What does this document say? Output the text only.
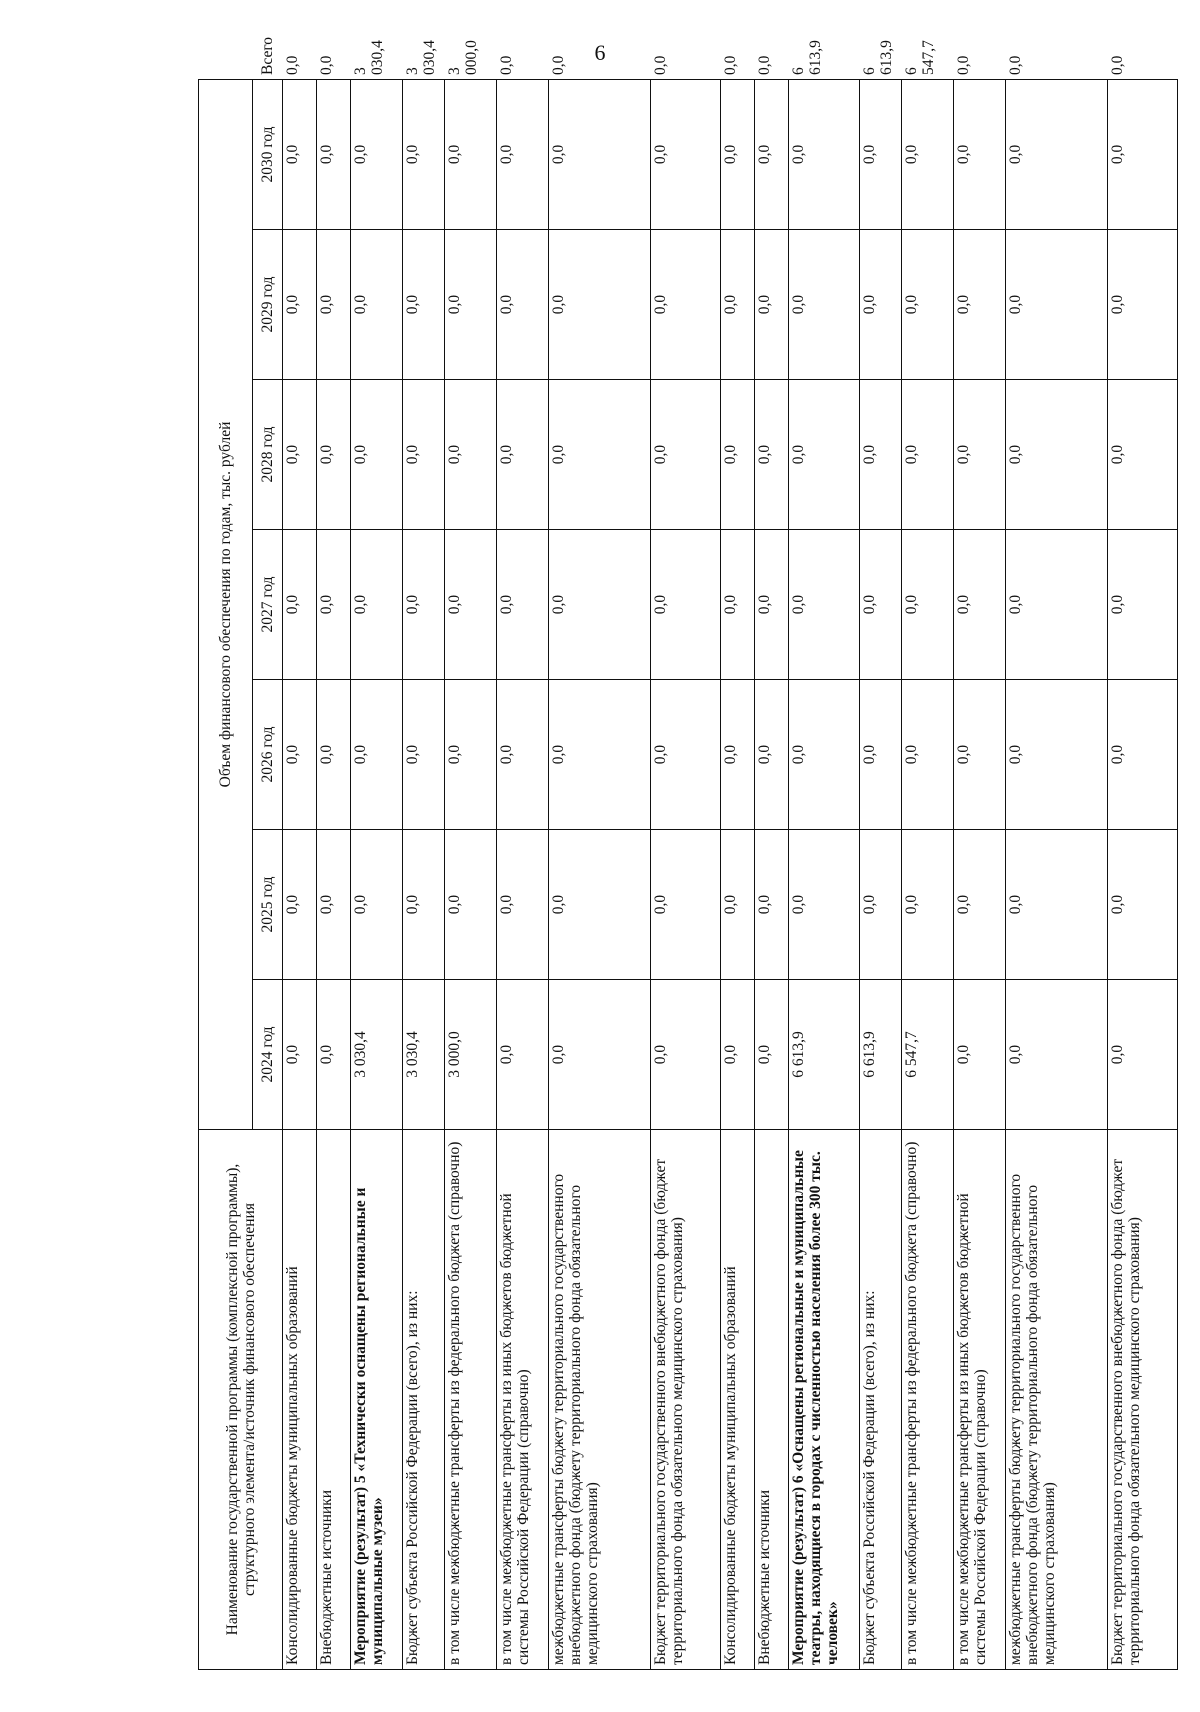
6
Наименование государственной программы (комплексной программы), структурного элемента/источник финансового обеспечения	Объем финансового обеспечения по годам, тыс. рублей							
	2024 год	2025 год	2026 год	2027 год	2028 год	2029 год	2030 год	Всего
Консолидированные бюджеты муниципальных образований	0,0	0,0	0,0	0,0	0,0	0,0	0,0	0,0
Внебюджетные источники	0,0	0,0	0,0	0,0	0,0	0,0	0,0	0,0
Мероприятие (результат) 5 «Технически оснащены региональные и муниципальные музеи»	3 030,4	0,0	0,0	0,0	0,0	0,0	0,0	3 030,4
Бюджет субъекта Российской Федерации (всего), из них:	3 030,4	0,0	0,0	0,0	0,0	0,0	0,0	3 030,4
в том числе межбюджетные трансферты из федерального бюджета (справочно)	3 000,0	0,0	0,0	0,0	0,0	0,0	0,0	3 000,0
в том числе межбюджетные трансферты из иных бюджетов бюджетной системы Российской Федерации (справочно)	0,0	0,0	0,0	0,0	0,0	0,0	0,0	0,0
межбюджетные трансферты бюджету территориального государственного внебюджетного фонда (бюджету территориального фонда обязательного медицинского страхования)	0,0	0,0	0,0	0,0	0,0	0,0	0,0	0,0
Бюджет территориального государственного внебюджетного фонда (бюджет территориального фонда обязательного медицинского страхования)	0,0	0,0	0,0	0,0	0,0	0,0	0,0	0,0
Консолидированные бюджеты муниципальных образований	0,0	0,0	0,0	0,0	0,0	0,0	0,0	0,0
Внебюджетные источники	0,0	0,0	0,0	0,0	0,0	0,0	0,0	0,0
Мероприятие (результат) 6 «Оснащены региональные и муниципальные театры, находящиеся в городах с численностью населения более 300 тыс. человек»	6 613,9	0,0	0,0	0,0	0,0	0,0	0,0	6 613,9
Бюджет субъекта Российской Федерации (всего), из них:	6 613,9	0,0	0,0	0,0	0,0	0,0	0,0	6 613,9
в том числе межбюджетные трансферты из федерального бюджета (справочно)	6 547,7	0,0	0,0	0,0	0,0	0,0	0,0	6 547,7
в том числе межбюджетные трансферты из иных бюджетов бюджетной системы Российской Федерации (справочно)	0,0	0,0	0,0	0,0	0,0	0,0	0,0	0,0
межбюджетные трансферты бюджету территориального государственного внебюджетного фонда (бюджету территориального фонда обязательного медицинского страхования)	0,0	0,0	0,0	0,0	0,0	0,0	0,0	0,0
Бюджет территориального государственного внебюджетного фонда (бюджет территориального фонда обязательного медицинского страхования)	0,0	0,0	0,0	0,0	0,0	0,0	0,0	0,0
